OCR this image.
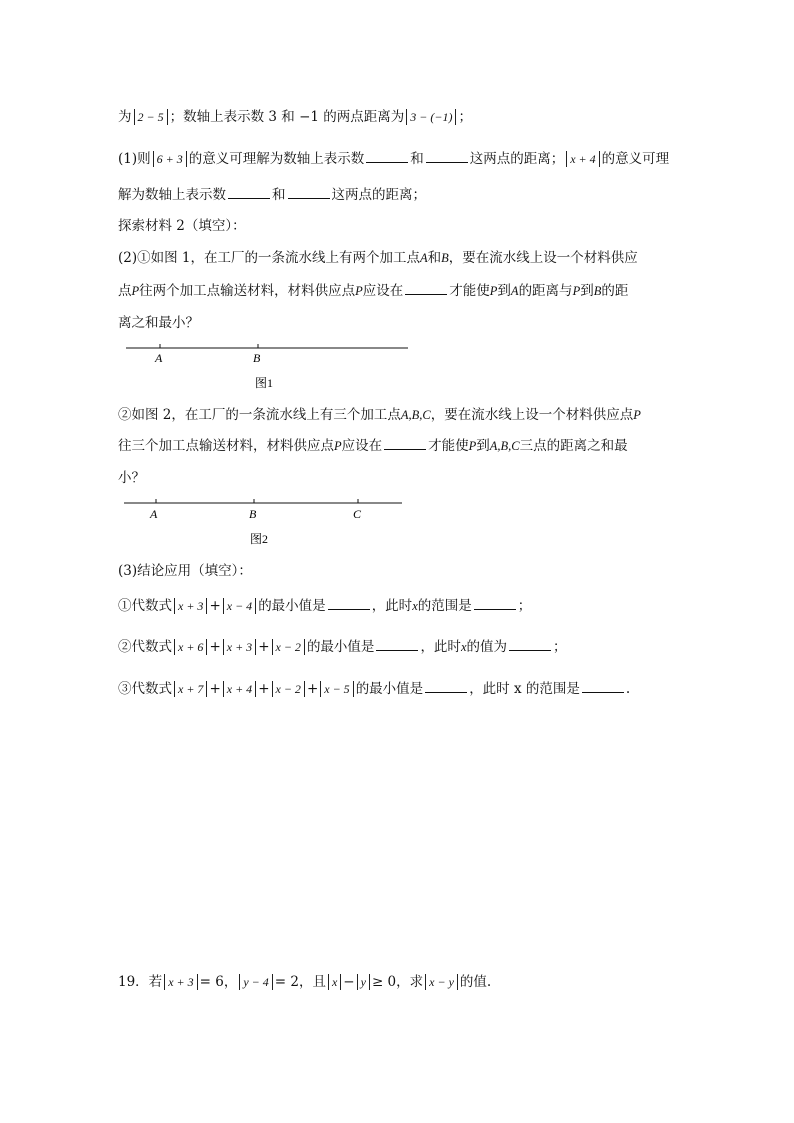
为 2 − 5 ；数轴上表示数 3 和 −1 的两点距离为 3 − (−1) ；
(1)则 6 + 3 的意义可理解为数轴上表示数	和	这两点的距离； x + 4 的意义可理
解为数轴上表示数	和	这两点的距离；
探索材料 2（填空）：
(2)①如图 1，在工厂的一条流水线上有两个加工点A和B，要在流水线上设一个材料供应
点P往两个加工点输送材料，材料供应点P应设在	才能使P到A的距离与P到B的距
离之和最小？
A	B
图1
②如图 2，在工厂的一条流水线上有三个加工点A,B,C，要在流水线上设一个材料供应点P
往三个加工点输送材料，材料供应点P应设在	才能使P到A,B,C三点的距离之和最
小？
A	B	C
图2
(3)结论应用（填空）：
①代数式 x + 3 + x − 4 的最小值是	，此时x的范围是	；
②代数式 x + 6 + x + 3 + x − 2 的最小值是	，此时x的值为	；
③代数式 x + 7 + x + 4 + x − 2 + x − 5 的最小值是	，此时 x 的范围是	.
19．若 x + 3 = 6， y − 4 = 2，且 x − y ≥ 0，求 x − y 的值.
